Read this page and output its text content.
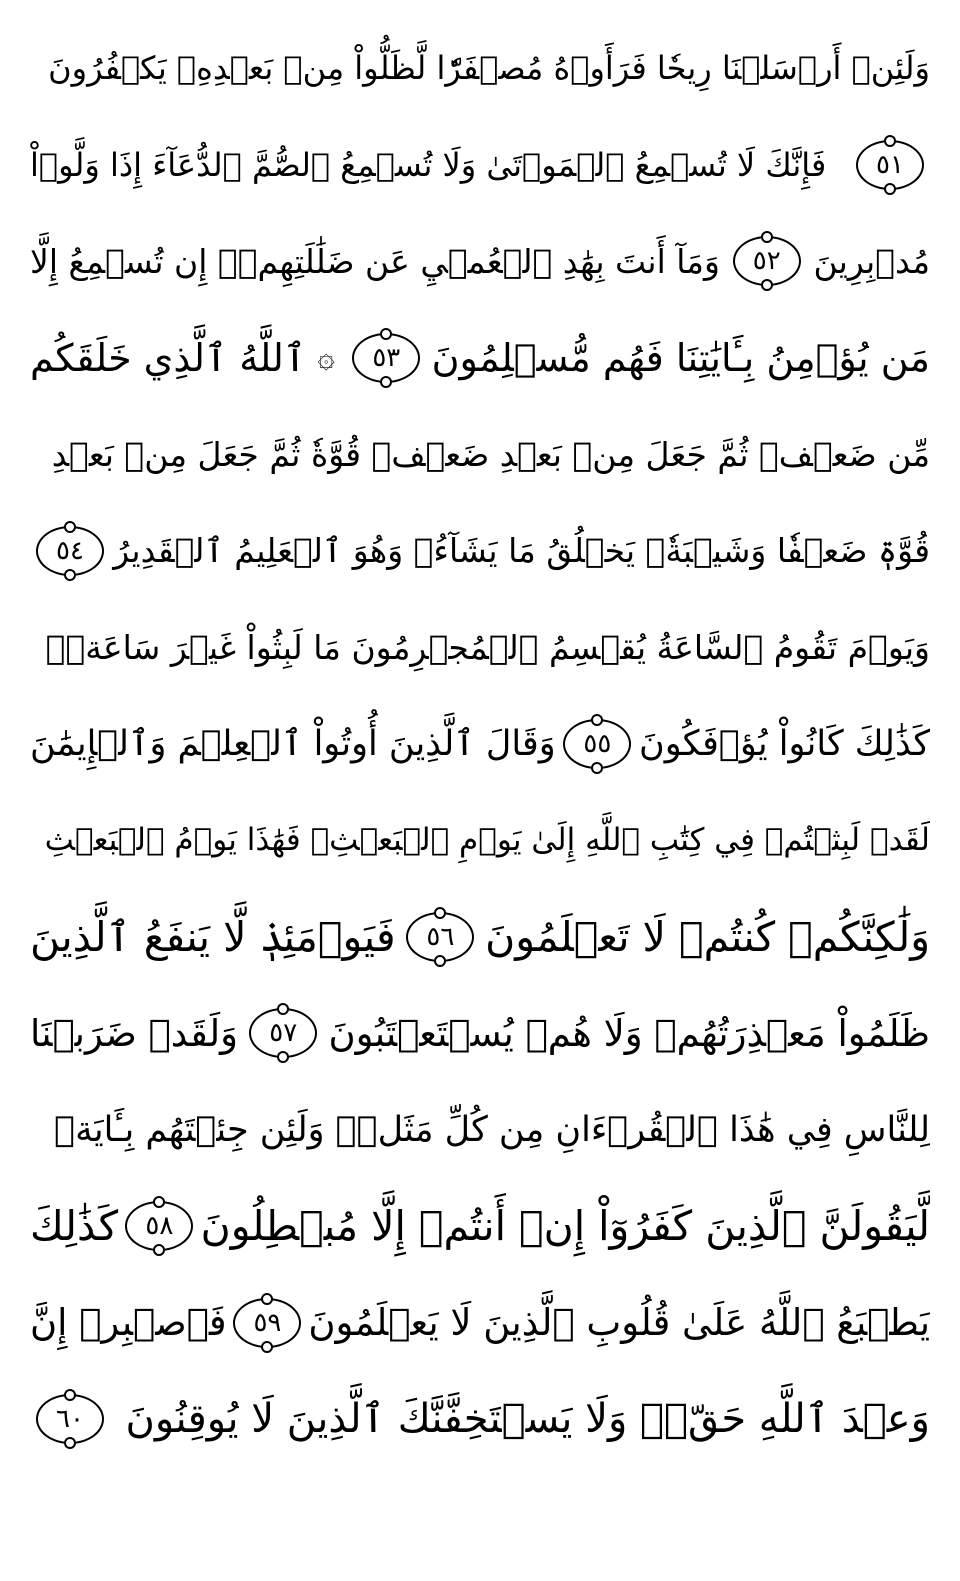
وَلَئِنۡ أَرۡسَلۡنَا رِيحٗا فَرَأَوۡهُ مُصۡفَرّٗا لَّظَلُّواْ مِنۢ بَعۡدِهِۦ يَكۡفُرُونَ
٥١
فَإِنَّكَ لَا تُسۡمِعُ ٱلۡمَوۡتَىٰ وَلَا تُسۡمِعُ ٱلصُّمَّ ٱلدُّعَآءَ إِذَا وَلَّوۡاْ
مُدۡبِرِينَ
٥٢
وَمَآ أَنتَ بِهَٰدِ ٱلۡعُمۡيِ عَن ضَلَٰلَتِهِمۡۖ إِن تُسۡمِعُ إِلَّا
مَن يُؤۡمِنُ بِـَٔايَٰتِنَا فَهُم مُّسۡلِمُونَ
٥٣
۞
ٱللَّهُ ٱلَّذِي خَلَقَكُم
مِّن ضَعۡفٖ ثُمَّ جَعَلَ مِنۢ بَعۡدِ ضَعۡفٖ قُوَّةٗ ثُمَّ جَعَلَ مِنۢ بَعۡدِ
قُوَّةٖ ضَعۡفٗا وَشَيۡبَةٗۚ يَخۡلُقُ مَا يَشَآءُۖ وَهُوَ ٱلۡعَلِيمُ ٱلۡقَدِيرُ
٥٤
وَيَوۡمَ تَقُومُ ٱلسَّاعَةُ يُقۡسِمُ ٱلۡمُجۡرِمُونَ مَا لَبِثُواْ غَيۡرَ سَاعَةٖۚ
كَذَٰلِكَ كَانُواْ يُؤۡفَكُونَ
٥٥
وَقَالَ ٱلَّذِينَ أُوتُواْ ٱلۡعِلۡمَ وَٱلۡإِيمَٰنَ
لَقَدۡ لَبِثۡتُمۡ فِي كِتَٰبِ ٱللَّهِ إِلَىٰ يَوۡمِ ٱلۡبَعۡثِۖ فَهَٰذَا يَوۡمُ ٱلۡبَعۡثِ
وَلَٰكِنَّكُمۡ كُنتُمۡ لَا تَعۡلَمُونَ
٥٦
فَيَوۡمَئِذٖ لَّا يَنفَعُ ٱلَّذِينَ
ظَلَمُواْ مَعۡذِرَتُهُمۡ وَلَا هُمۡ يُسۡتَعۡتَبُونَ
٥٧
وَلَقَدۡ ضَرَبۡنَا
لِلنَّاسِ فِي هَٰذَا ٱلۡقُرۡءَانِ مِن كُلِّ مَثَلٖۚ وَلَئِن جِئۡتَهُم بِـَٔايَةٖ
لَّيَقُولَنَّ ٱلَّذِينَ كَفَرُوٓاْ إِنۡ أَنتُمۡ إِلَّا مُبۡطِلُونَ
٥٨
كَذَٰلِكَ
يَطۡبَعُ ٱللَّهُ عَلَىٰ قُلُوبِ ٱلَّذِينَ لَا يَعۡلَمُونَ
٥٩
فَٱصۡبِرۡ إِنَّ
وَعۡدَ ٱللَّهِ حَقّٞۖ وَلَا يَسۡتَخِفَّنَّكَ ٱلَّذِينَ لَا يُوقِنُونَ
٦٠
